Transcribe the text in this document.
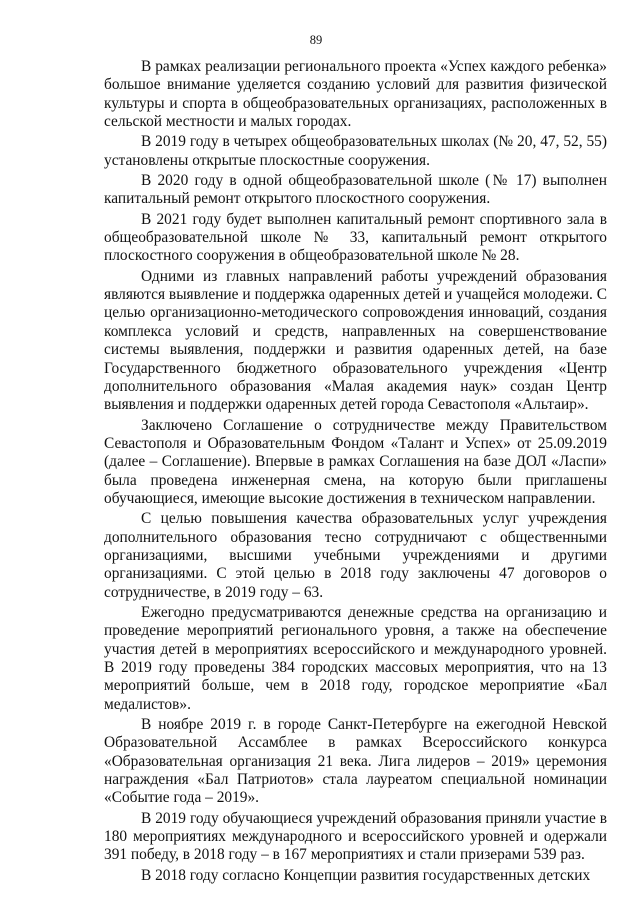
89

В рамках реализации регионального проекта «Успех каждого ребенка» большое внимание уделяется созданию условий для развития физической культуры и спорта в общеобразовательных организациях, расположенных в сельской местности и малых городах.

В 2019 году в четырех общеобразовательных школах (№ 20, 47, 52, 55) установлены открытые плоскостные сооружения.

В 2020 году в одной общеобразовательной школе (№ 17) выполнен капитальный ремонт открытого плоскостного сооружения.

В 2021 году будет выполнен капитальный ремонт спортивного зала в общеобразовательной школе № 33, капитальный ремонт открытого плоскостного сооружения в общеобразовательной школе № 28.

Одними из главных направлений работы учреждений образования являются выявление и поддержка одаренных детей и учащейся молодежи. С целью организационно-методического сопровождения инноваций, создания комплекса условий и средств, направленных на совершенствование системы выявления, поддержки и развития одаренных детей, на базе Государственного бюджетного образовательного учреждения «Центр дополнительного образования «Малая академия наук» создан Центр выявления и поддержки одаренных детей города Севастополя «Альтаир».

Заключено Соглашение о сотрудничестве между Правительством Севастополя и Образовательным Фондом «Талант и Успех» от 25.09.2019 (далее – Соглашение). Впервые в рамках Соглашения на базе ДОЛ «Ласпи» была проведена инженерная смена, на которую были приглашены обучающиеся, имеющие высокие достижения в техническом направлении.

С целью повышения качества образовательных услуг учреждения дополнительного образования тесно сотрудничают с общественными организациями, высшими учебными учреждениями и другими организациями. С этой целью в 2018 году заключены 47 договоров о сотрудничестве, в 2019 году – 63.

Ежегодно предусматриваются денежные средства на организацию и проведение мероприятий регионального уровня, а также на обеспечение участия детей в мероприятиях всероссийского и международного уровней. В 2019 году проведены 384 городских массовых мероприятия, что на 13 мероприятий больше, чем в 2018 году, городское мероприятие «Бал медалистов».

В ноябре 2019 г. в городе Санкт-Петербурге на ежегодной Невской Образовательной Ассамблее в рамках Всероссийского конкурса «Образовательная организация 21 века. Лига лидеров – 2019» церемония награждения «Бал Патриотов» стала лауреатом специальной номинации «Событие года – 2019».

В 2019 году обучающиеся учреждений образования приняли участие в 180 мероприятиях международного и всероссийского уровней и одержали 391 победу, в 2018 году – в 167 мероприятиях и стали призерами 539 раз.

В 2018 году согласно Концепции развития государственных детских
